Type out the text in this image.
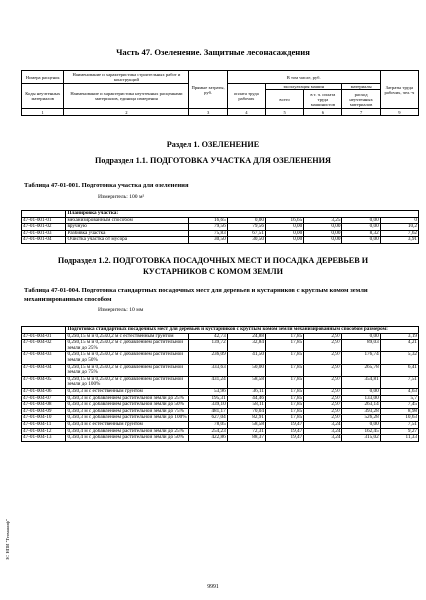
Часть 47. Озеленение. Защитные лесонасаждения
Номера расценок	Наименование и характеристика строительных работ и конструкций	Прямые затраты, руб.	В том числе, руб.				Затраты труда рабочих, чел.-ч
Коды неучтенных материалов	Наименование и характеристика неучтенных расценками материалов, единица измерения		оплата труда рабочих	эксплуатация машин		материалы	
				всего	в т. ч. оплата труда машинистов	расход неучтенных материалов	
1	2	3	4	5	6	7	9
Раздел 1. ОЗЕЛЕНЕНИЕ
Подраздел 1.1. ПОДГОТОВКА УЧАСТКА ДЛЯ ОЗЕЛЕНЕНИЯ
Таблица 47-01-001. Подготовка участка для озеленения
Измеритель: 100 м²
	Планировка участка:						
47-01-001-01	механизированным способом	16,65	0,00	16,65	3,25	0,00	0
47-01-001-02	вручную	79,56	79,56	0,00	0,00	0,00	10,2
47-01-001-03	Разбивка участка	75,83	67,51	0,00	0,00	8,32	7,62
47-01-001-04	Очистка участка от мусора	30,50	30,50	0,00	0,00	0,00	3,91
Подраздел 1.2. ПОДГОТОВКА ПОСАДОЧНЫХ МЕСТ И ПОСАДКА ДЕРЕВЬЕВ И КУСТАРНИКОВ С КОМОМ ЗЕМЛИ
Таблица 47-01-004. Подготовка стандартных посадочных мест для деревьев и кустарников с круглым комом земли механизированным способом
Измеритель: 10 мм
	Подготовка стандартных посадочных мест для деревьев и кустарников с круглым комом земли механизированным способом размером:						
47-01-004-01	0,2х0,15 м и 0,25х0,2 м с естественным грунтом	42,73	24,88	17,85	2,97	0,00	3,19
47-01-004-02	0,2х0,15 м и 0,25х0,2 м с добавлением растительной земли до 25%	139,72	32,84	17,85	2,97	89,03	4,21
47-01-004-03	0,2х0,15 м и 0,25х0,2 м с добавлением растительной земли до 50%	236,09	41,50	17,85	2,97	176,74	5,32
47-01-004-04	0,2х0,15 м и 0,25х0,2 м с добавлением растительной земли до 75%	333,63	50,00	17,85	2,97	265,78	6,41
47-01-004-05	0,2х0,15 м и 0,25х0,2 м с добавлением растительной земли до 100%	431,24	58,58	17,85	2,97	354,81	7,51
47-01-004-06	0,3х0,3 м с естественным грунтом	53,96	36,11	17,85	2,97	0,00	4,63
47-01-004-07	0,3х0,3 м с добавлением растительной земли до 25%	195,31	44,46	17,85	2,97	133,00	5,7
47-01-004-08	0,3х0,3 м с добавлением растительной земли до 50%	339,10	58,11	17,85	2,97	263,14	7,45
47-01-004-09	0,3х0,3 м с добавлением растительной земли до 75%	481,17	70,04	17,85	2,97	393,28	8,98
47-01-004-10	0,3х0,3 м с добавлением растительной земли до 100%	627,04	82,91	17,85	2,97	526,28	10,63
47-01-004-11	0,3х0,4 м с естественным грунтом	78,05	58,58	19,47	3,24	0,00	7,51
47-01-004-12	0,3х0,4 м с добавлением растительной земли до 25%	254,23	72,31	19,47	3,24	162,45	9,27
47-01-004-13	0,3х0,4 м с добавлением растительной земли до 50%	422,86	88,37	19,47	3,24	315,02	11,33
ЗС НПИ "Геоманиф"
9991
